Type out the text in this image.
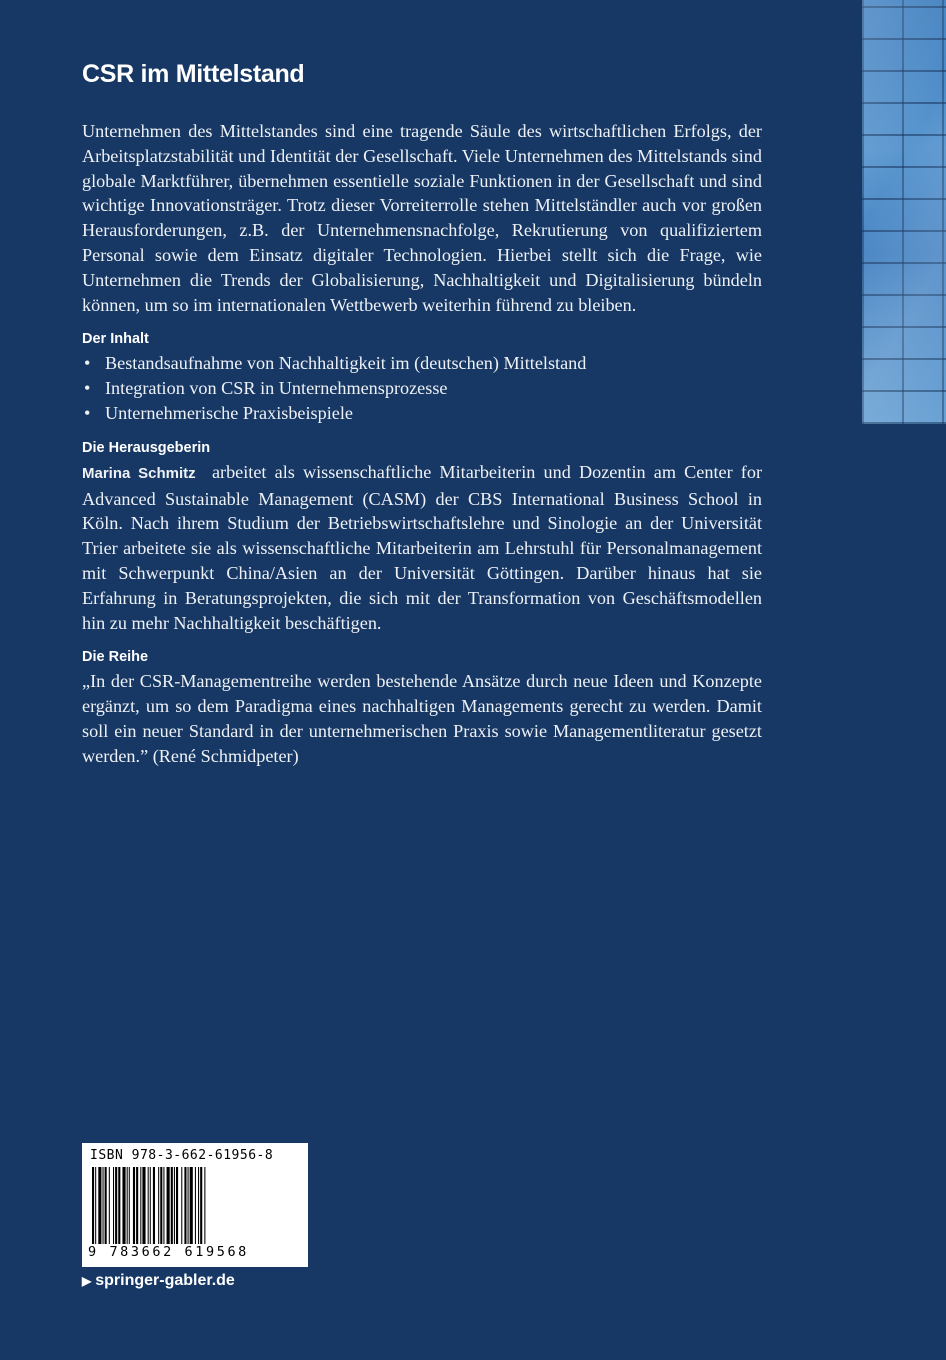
CSR im Mittelstand

Unternehmen des Mittelstandes sind eine tragende Säule des wirtschaftlichen Erfolgs, der Arbeitsplatzstabilität und Identität der Gesellschaft. Viele Unternehmen des Mittelstands sind globale Marktführer, übernehmen essentielle soziale Funktionen in der Gesellschaft und sind wichtige Innovationsträger. Trotz dieser Vorreiterrolle stehen Mittelständler auch vor großen Herausforderungen, z.B. der Unternehmensnachfolge, Rekrutierung von qualifiziertem Personal sowie dem Einsatz digitaler Technologien. Hierbei stellt sich die Frage, wie Unternehmen die Trends der Globalisierung, Nachhaltigkeit und Digitalisierung bündeln können, um so im internationalen Wettbewerb weiterhin führend zu bleiben.

Der Inhalt
• Bestandsaufnahme von Nachhaltigkeit im (deutschen) Mittelstand
• Integration von CSR in Unternehmensprozesse
• Unternehmerische Praxisbeispiele
Die Herausgeberin

Marina Schmitz arbeitet als wissenschaftliche Mitarbeiterin und Dozentin am Center for Advanced Sustainable Management (CASM) der CBS International Business School in Köln. Nach ihrem Studium der Betriebswirtschaftslehre und Sinologie an der Universität Trier arbeitete sie als wissenschaftliche Mitarbeiterin am Lehrstuhl für Personalmanagement mit Schwerpunkt China/Asien an der Universität Göttingen. Darüber hinaus hat sie Erfahrung in Beratungsprojekten, die sich mit der Transformation von Geschäftsmodellen hin zu mehr Nachhaltigkeit beschäftigen.

Die Reihe

„In der CSR-Managementreihe werden bestehende Ansätze durch neue Ideen und Konzepte ergänzt, um so dem Paradigma eines nachhaltigen Managements gerecht zu werden. Damit soll ein neuer Standard in der unternehmerischen Praxis sowie Managementliteratur gesetzt werden.” (René Schmidpeter)

ISBN 978-3-662-61956-8
9 783662 619568
▶ springer-gabler.de
